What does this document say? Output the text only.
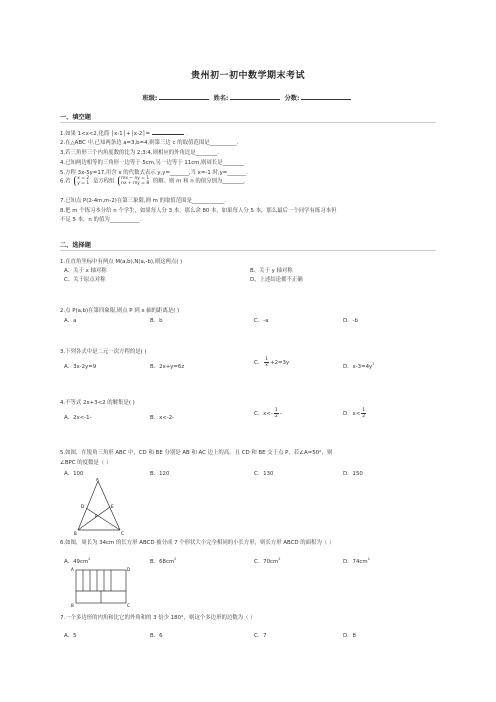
贵州初一初中数学期末考试
班级:	姓名:	分数:
一、填空题
1.如果 1<x<2,化简 │x-1│+│x-2│=	.
2.在△ABC 中,已知两条边 a=3,b=4,则第三边 c 的取值范围是__________.
3.若三角形三个内角度数的比为 2:3:4,则相应的外角比是________.
4.已知两边相等的三角形一边等于 5cm,另一边等于 11cm,则周长是________.
5.方程 3x-5y=17,用含 x 的代数式表示 y,y=_______,当 x=-1 时,y=_______.
6.若 x = 2
y = 1 是方程组 mx − ny = 1
nx + my = 8 的解。则 m 和 n 的值分别为________.
7.已知点 P(2-4m,m-2)在第三象限,则 m 的取值范围是____________.
8.把 m 个练习本分给 n 个学生，如果每人分 3 本，那么余 80 本，如果每人分 5 本，那么最后一个同学有练习本但
不足 5 本，n 的值为___________.
二、选择题
1.在直角坐标中有两点 M(a,b),N(a,-b),则这两点( )
A、关于 x 轴对称	B、关于 y 轴对称
C、关于原点对称	D、上述结论都不正确
2.点 P(a,b)在第四象限,则点 P 到 x 轴的距离是( )
A．a	B．b	C．-a	D．-b
3.下列各式中是二元一次方程的是( )
A．3x-2y=9	B．2x+y=6z
C． $\frac{1}{x} +2=3y$
D．$x-3=4y^2$
4.不等式 2x+3<2 的解集是( )
A．2x<-1-	B．x<-2-
C．$x<- \frac{1}{2}$ -	D．$x< \frac{1}{2}$
5.如图，在锐角三角形 ABC 中，CD 和 BE 分别是 AB 和 AC 边上的高，且 CD 和 BE 交于点 P，若∠A=50°，则
∠BPC 的度数是（ ）
A．100	B．120	C．130	D．150
A
D	E
P
B	C
6.如图，周长为 34cm 的长方形 ABCD 被分成 7 个形状大小完全相同的小长方形，则长方形 ABCD 的面积为（ ）
A．$49cm^2$	B．$68cm^2$	C．$70cm^2$	D．$74cm^2$
A	D
B	C
7.一个多边形的内角和比它的外角和的 3 倍少 180°，则这个多边形的边数为（ ）
A．5	B．6	C．7	D．8
